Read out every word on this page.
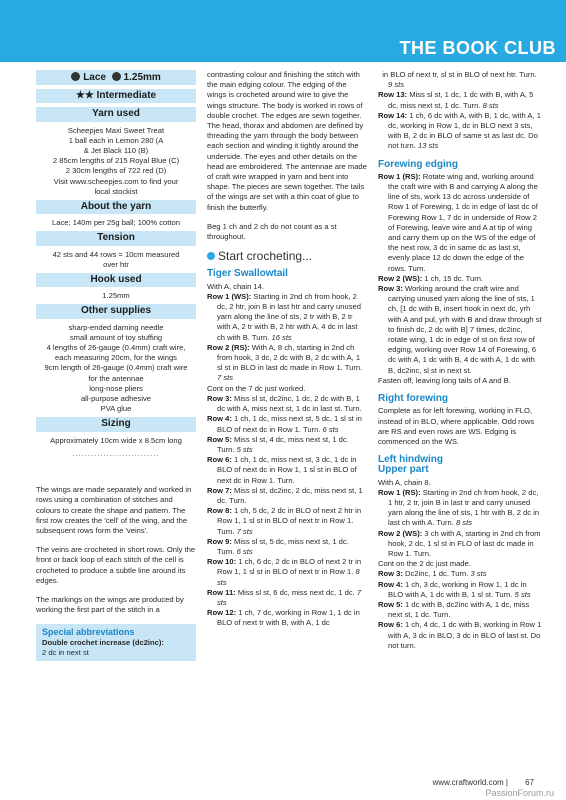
THE BOOK CLUB
Lace 1.25mm
★★ Intermediate
Yarn used
Scheepjes Maxi Sweet Treat
1 ball each in Lemon 280 (A
& Jet Black 110 (B)
2 85cm lengths of 215 Royal Blue (C)
2 30cm lengths of 722 red (D)
Visit www.scheepjes.com to find your
local stockist
About the yarn
Lace; 140m per 25g ball; 100% cotton
Tension
42 sts and 44 rows = 10cm measured
over htr
Hook used
1.25mm
Other supplies
sharp-ended darning needle
small amount of toy stuffing
4 lengths of 26-gauge (0.4mm) craft wire,
each measuring 20cm, for the wings
9cm length of 26-gauge (0.4mm) craft wire
for the antennae
long-nose pliers
all-purpose adhesive
PVA glue
Sizing
Approximately 10cm wide x 8.5cm long
............................

The wings are made separately and worked in rows using a combination of stitches and colours to create the shape and pattern. The first row creates the 'cell' of the wing, and the subsequent rows form the 'veins'.

The veins are crocheted in short rows. Only the front or back loop of each stitch of the cell is crocheted to produce a subtle line around its edges.

The markings on the wings are produced by working the first part of the stitch in a

Special abbreviations
Double crochet increase (dc2inc):
2 dc in next st

contrasting colour and finishing the stitch with the main edging colour. The edging of the wings is crocheted around wire to give the wings structure. The body is worked in rows of double crochet. The edges are sewn together. The head, thorax and abdomen are defined by threading the yarn through the body between each section and winding it tightly around the underside. The eyes and other details on the head are embroidered. The antennae are made of craft wire wrapped in yarn and bent into shape. The pieces are sewn together. The tails of the wings are set with a thin coat of glue to finish the butterfly.

Beg 1 ch and 2 ch do not count as a st throughout.

Start crocheting...
Tiger Swallowtail
With A, chain 14.
Row 1 (WS): Starting in 2nd ch from hook, 2 dc, 2 htr, join B in last htr and carry unused yarn along the line of sts, 2 tr with B, 2 tr with A, 2 tr with B, 2 htr with A, 4 dc in last ch with B. Turn. 16 sts
Row 2 (RS): With A, 8 ch, starting in 2nd ch from hook, 3 dc, 2 dc with B, 2 dc with A, 1 sl st in BLO in last dc made in Row 1. Turn. 7 sts
Cont on the 7 dc just worked.
Row 3: Miss sl st, dc2inc, 1 dc, 2 dc with B, 1 dc with A, miss next st, 1 dc in last st. Turn.
Row 4: 1 ch, 1 dc, miss next st, 5 dc, 1 sl st in BLO of next dc in Row 1. Turn. 6 sts
Row 5: Miss sl st, 4 dc, miss next st, 1 dc. Turn. 5 sts
Row 6: 1 ch, 1 dc, miss next st, 3 dc, 1 dc in BLO of next dc in Row 1, 1 sl st in BLO of next dc in Row 1. Turn.
Row 7: Miss sl st, dc2inc, 2 dc, miss next st, 1 dc. Turn.
Row 8: 1 ch, 5 dc, 2 dc in BLO of next 2 htr in Row 1, 1 sl st in BLO of next tr in Row 1. Turn. 7 sts
Row 9: Miss sl st, 5 dc, miss next st, 1 dc. Turn. 6 sts
Row 10: 1 ch, 6 dc, 2 dc in BLO of next 2 tr in Row 1, 1 sl st in BLO of next tr in Row 1. 8 sts
Row 11: Miss sl st, 6 dc, miss next dc, 1 dc. 7 sts
Row 12: 1 ch, 7 dc, working in Row 1, 1 dc in BLO of next tr with B, with A, 1 dc
in BLO of next tr, sl st in BLO of next htr. Turn. 9 sts
Row 13: Miss sl st, 1 dc, 1 dc with B, with A, 5 dc, miss next st, 1 dc. Turn. 8 sts
Row 14: 1 ch, 6 dc with A, with B, 1 dc, with A, 1 dc, working in Row 1, dc in BLO next 3 sts, with B, 2 dc in BLO of same st as last dc. Do not turn. 13 sts
Forewing edging
Row 1 (RS): Rotate wing and, working around the craft wire with B and carrying A along the line of sts, work 13 dc across underside of Row 1 of Forewing, 1 dc in edge of last dc of Forewing Row 1, 7 dc in underside of Row 2 of Forewing, leave wire and A at tip of wing and carry them up on the WS of the edge of the next row, 3 dc in same dc as last st, evenly place 12 dc down the edge of the rows. Turn.
Row 2 (WS): 1 ch, 15 dc. Turn.
Row 3: Working around the craft wire and carrying unused yarn along the line of sts, 1 ch, [1 dc with B, insert hook in next dc, yrh with A and pul, yrh with B and draw through st to finish dc, 2 dc with B] 7 times, dc2inc, rotate wing, 1 dc in edge of st on first row of edging, working over Row 14 of Forewing, 6 dc with A, 1 dc with B, 4 dc with A, 1 dc with B, dc2inc, sl st in next st.
Fasten off, leaving long tails of A and B.
Right forewing
Complete as for left forewing, working in FLO, instead of in BLO, where applicable. Odd rows are RS and even rows are WS. Edging is commenced on the WS.
Left hindwing
Upper part
With A, chain 8.
Row 1 (RS): Starting in 2nd ch from hook, 2 dc, 1 htr, 2 tr, join B in last tr and carry unused yarn along the line of sts, 1 htr with B, 2 dc in last ch with A. Turn. 8 sts
Row 2 (WS): 3 ch with A, starting in 2nd ch from hook, 2 dc, 1 sl st in FLO of last dc made in Row 1. Turn.
Cont on the 2 dc just made.
Row 3: Dc2inc, 1 dc. Turn. 3 sts
Row 4: 1 ch, 3 dc, working in Row 1, 1 dc in BLO with A, 1 dc with B, 1 sl st. Turn. 5 sts
Row 5: 1 dc with B, dc2inc with A, 1 dc, miss next st, 1 dc. Turn.
Row 6: 1 ch, 4 dc, 1 dc with B, working in Row 1 with A, 3 dc in BLO, 3 dc in BLO of last st. Do not turn.
www.craftworld.com | 67
PassionForum.ru
